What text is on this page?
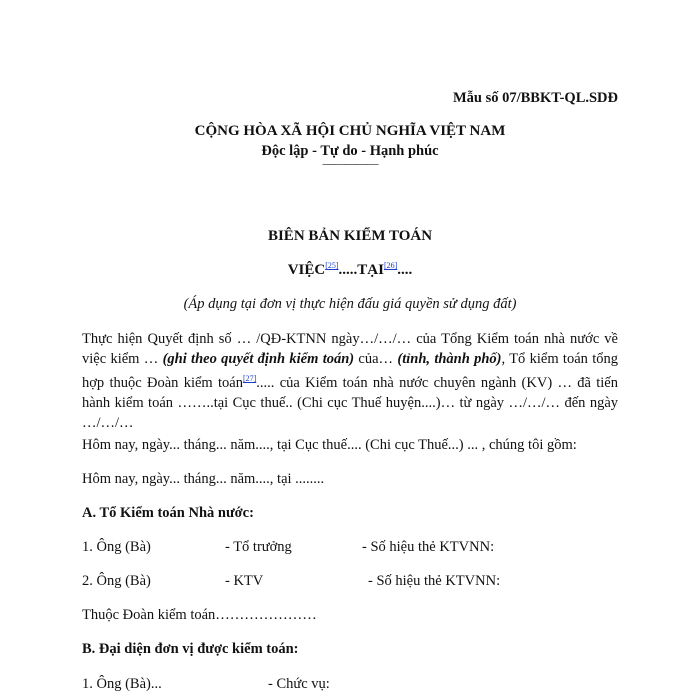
Mẫu số 07/BBKT-QL.SDĐ
CỘNG HÒA XÃ HỘI CHỦ NGHĨA VIỆT NAM
Độc lập - Tự do - Hạnh phúc
—————
BIÊN BẢN KIỂM TOÁN
VIỆC[25].....TẠI[26]....
(Áp dụng tại đơn vị thực hiện đấu giá quyền sử dụng đất)
Thực hiện Quyết định số … /QĐ-KTNN ngày…/…/… của Tổng Kiểm toán nhà nước về việc kiểm … (ghi theo quyết định kiểm toán) của… (tỉnh, thành phố), Tổ kiểm toán tổng hợp thuộc Đoàn kiểm toán[27]..... của Kiểm toán nhà nước chuyên ngành (KV) … đã tiến hành kiểm toán ……..tại Cục thuế.. (Chi cục Thuế huyện....)… từ ngày …/…/… đến ngày …/…/…
Hôm nay, ngày... tháng... năm...., tại Cục thuế.... (Chi cục Thuế...) ... , chúng tôi gồm:
Hôm nay, ngày... tháng... năm...., tại ........
A. Tổ Kiểm toán Nhà nước:
1. Ông (Bà)	- Tổ trưởng	- Số hiệu thẻ KTVNN:
2. Ông (Bà)	- KTV	- Số hiệu thẻ KTVNN:
Thuộc Đoàn kiểm toán…………………
B. Đại diện đơn vị được kiểm toán:
1. Ông (Bà)...	- Chức vụ:
